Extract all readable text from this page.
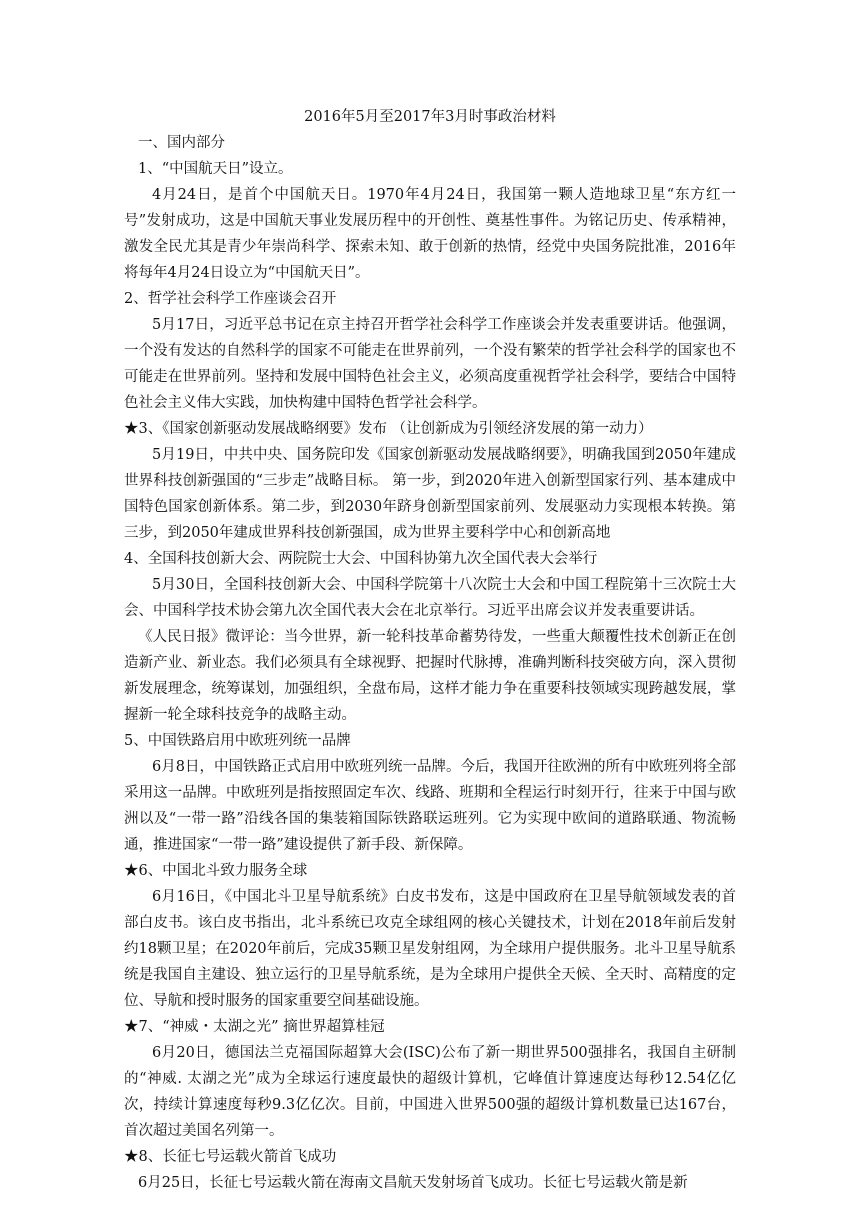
2016年5月至2017年3月时事政治材料

一、国内部分

1、“中国航天日”设立。

4月24日，是首个中国航天日。1970年4月24日，我国第一颗人造地球卫星“东方红一号”发射成功，这是中国航天事业发展历程中的开创性、奠基性事件。为铭记历史、传承精神，激发全民尤其是青少年崇尚科学、探索未知、敢于创新的热情，经党中央国务院批准，2016年将每年4月24日设立为“中国航天日”。

2、哲学社会科学工作座谈会召开

5月17日，习近平总书记在京主持召开哲学社会科学工作座谈会并发表重要讲话。他强调，一个没有发达的自然科学的国家不可能走在世界前列，一个没有繁荣的哲学社会科学的国家也不可能走在世界前列。坚持和发展中国特色社会主义，必须高度重视哲学社会科学，要结合中国特色社会主义伟大实践，加快构建中国特色哲学社会科学。

★3、《国家创新驱动发展战略纲要》发布 （让创新成为引领经济发展的第一动力）

5月19日，中共中央、国务院印发《国家创新驱动发展战略纲要》，明确我国到2050年建成世界科技创新强国的“三步走”战略目标。 第一步，到2020年进入创新型国家行列、基本建成中国特色国家创新体系。第二步，到2030年跻身创新型国家前列、发展驱动力实现根本转换。第三步，到2050年建成世界科技创新强国，成为世界主要科学中心和创新高地

4、全国科技创新大会、两院院士大会、中国科协第九次全国代表大会举行

5月30日，全国科技创新大会、中国科学院第十八次院士大会和中国工程院第十三次院士大会、中国科学技术协会第九次全国代表大会在北京举行。习近平出席会议并发表重要讲话。

《人民日报》微评论：当今世界，新一轮科技革命蓄势待发，一些重大颠覆性技术创新正在创造新产业、新业态。我们必须具有全球视野、把握时代脉搏，准确判断科技突破方向，深入贯彻新发展理念，统筹谋划，加强组织，全盘布局，这样才能力争在重要科技领域实现跨越发展，掌握新一轮全球科技竞争的战略主动。

5、中国铁路启用中欧班列统一品牌

6月8日，中国铁路正式启用中欧班列统一品牌。今后，我国开往欧洲的所有中欧班列将全部采用这一品牌。中欧班列是指按照固定车次、线路、班期和全程运行时刻开行，往来于中国与欧洲以及“一带一路”沿线各国的集装箱国际铁路联运班列。它为实现中欧间的道路联通、物流畅通，推进国家“一带一路”建设提供了新手段、新保障。

★6、中国北斗致力服务全球

6月16日，《中国北斗卫星导航系统》白皮书发布，这是中国政府在卫星导航领域发表的首部白皮书。该白皮书指出，北斗系统已攻克全球组网的核心关键技术，计划在2018年前后发射约18颗卫星；在2020年前后，完成35颗卫星发射组网，为全球用户提供服务。北斗卫星导航系统是我国自主建设、独立运行的卫星导航系统，是为全球用户提供全天候、全天时、高精度的定位、导航和授时服务的国家重要空间基础设施。

★7、“神威・太湖之光” 摘世界超算桂冠

6月20日，德国法兰克福国际超算大会(ISC)公布了新一期世界500强排名，我国自主研制的“神威. 太湖之光”成为全球运行速度最快的超级计算机，它峰值计算速度达每秒12.54亿亿次，持续计算速度每秒9.3亿亿次。目前，中国进入世界500强的超级计算机数量已达167台，首次超过美国名列第一。

★8、长征七号运载火箭首飞成功

6月25日，长征七号运载火箭在海南文昌航天发射场首飞成功。长征七号运载火箭是新
